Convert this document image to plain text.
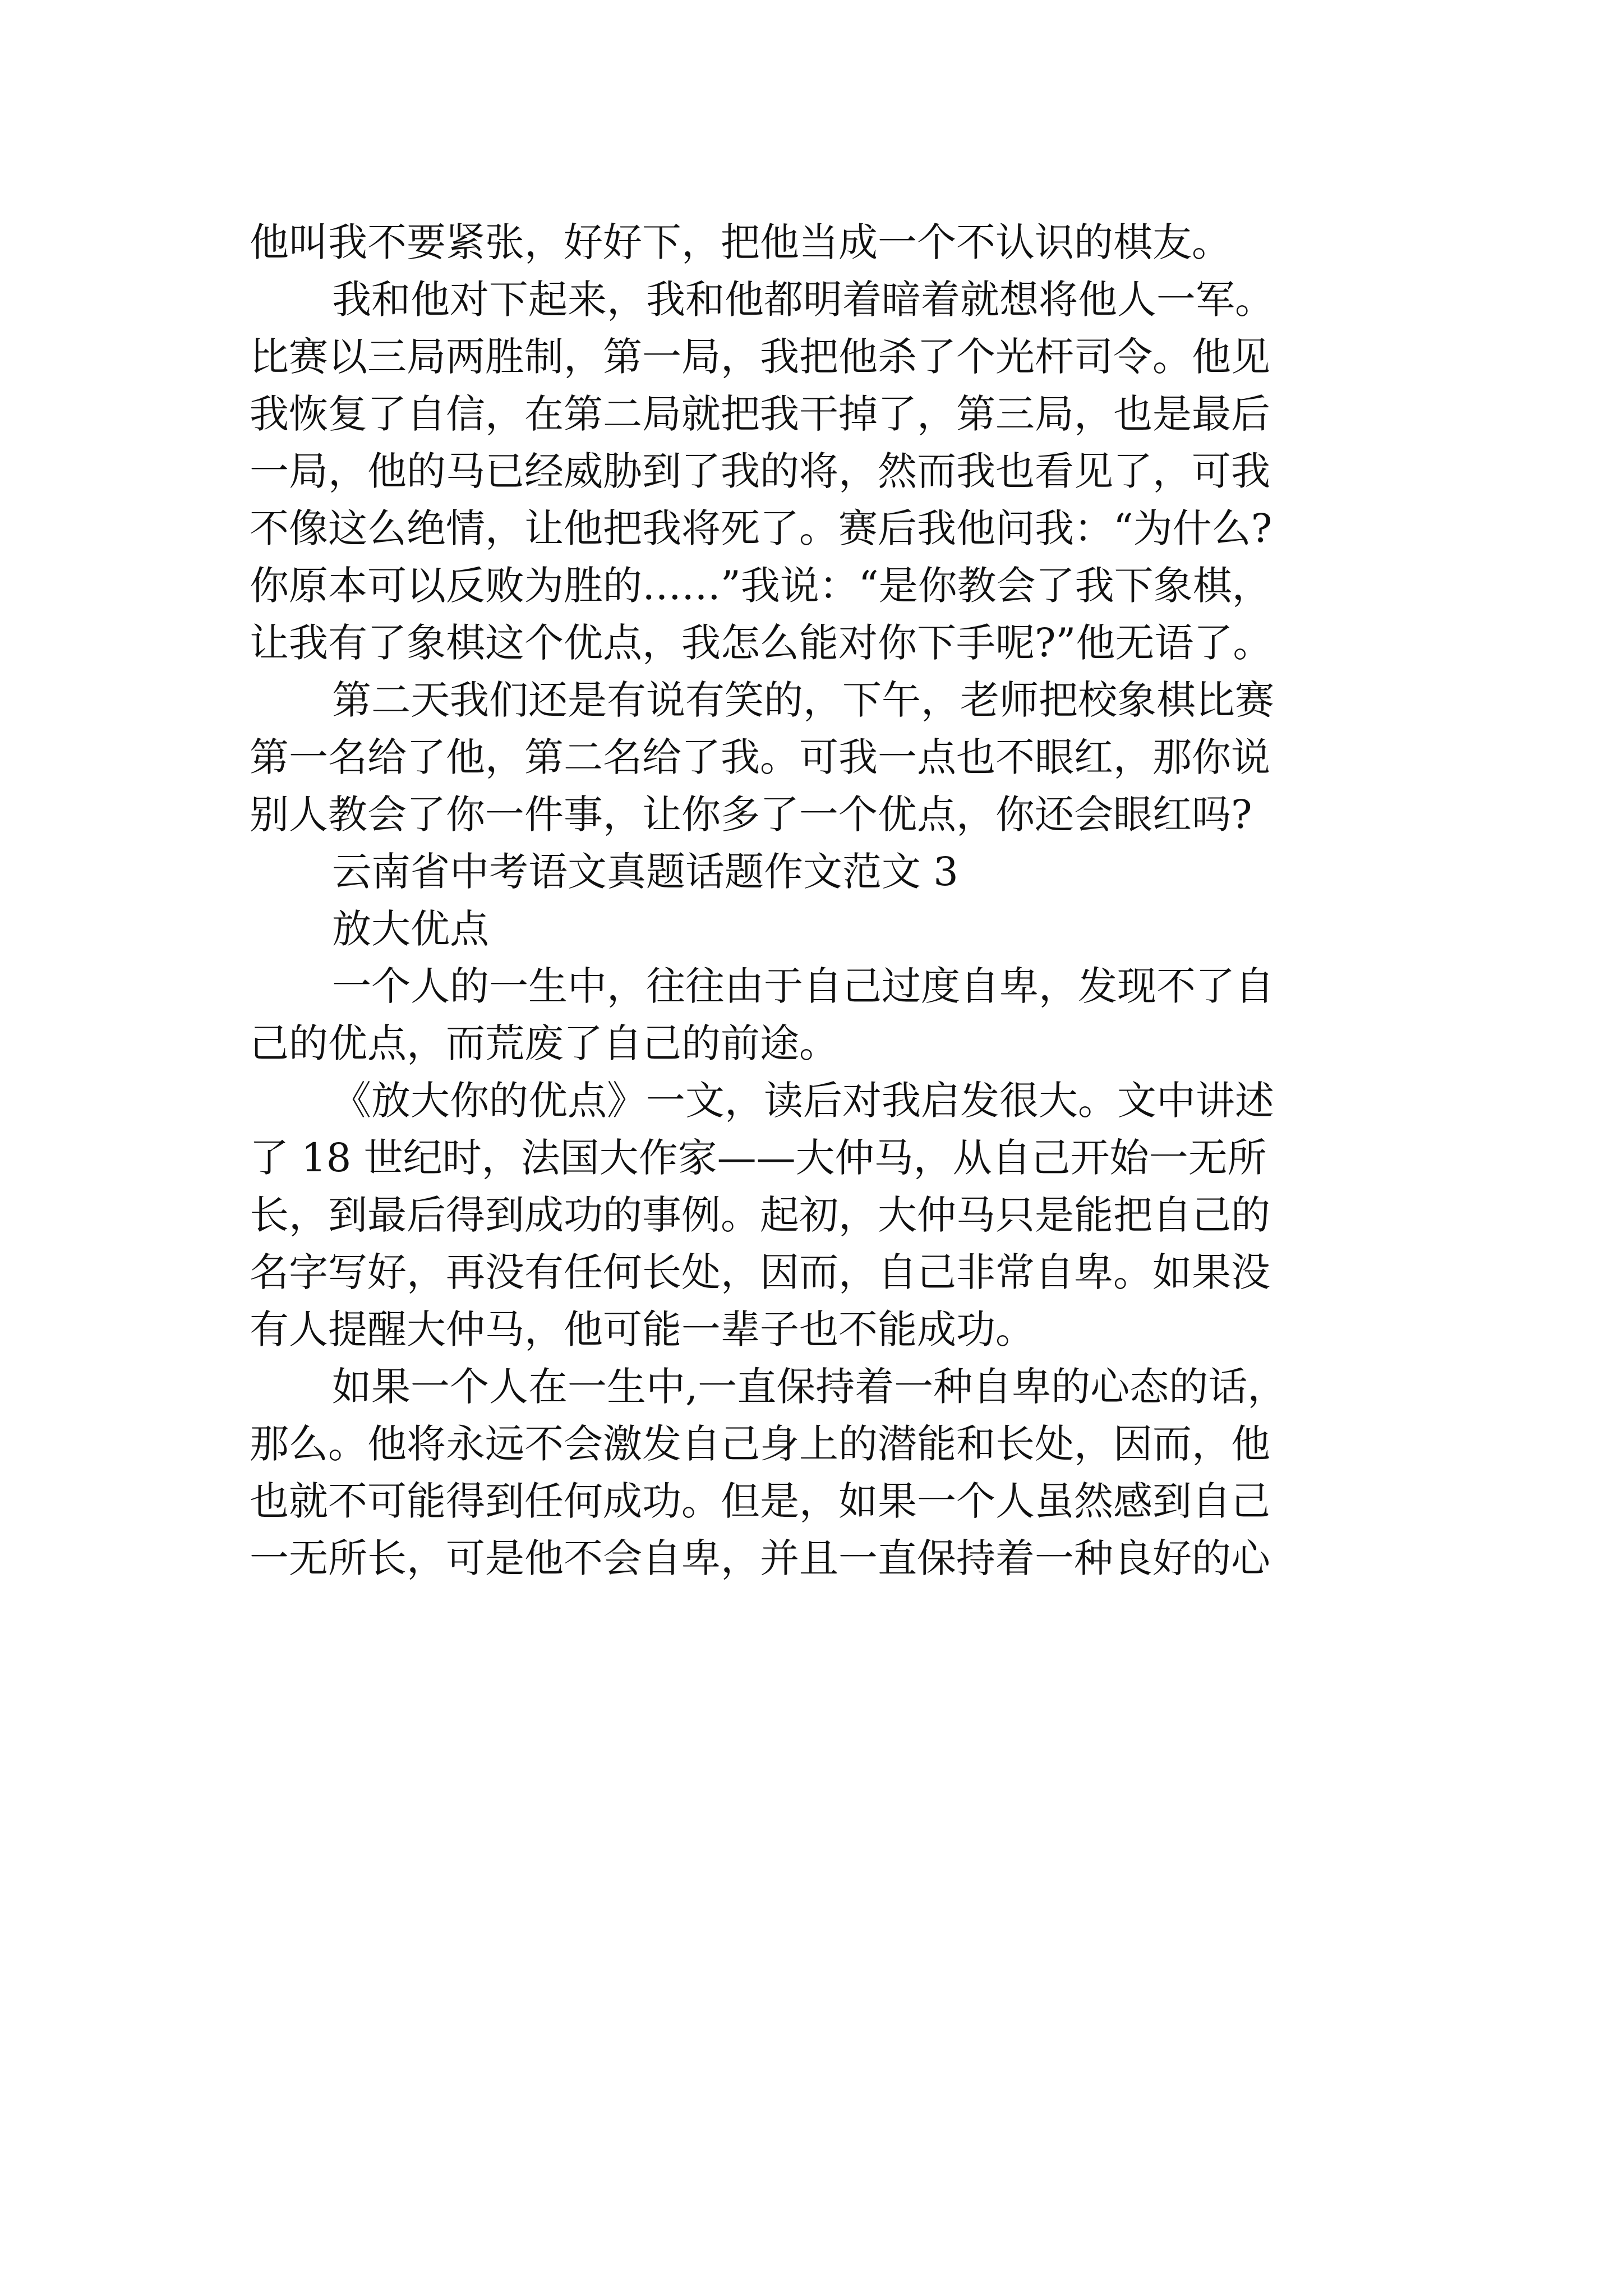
他叫我不要紧张，好好下，把他当成一个不认识的棋友。
我和他对下起来，我和他都明着暗着就想将他人一军。
比赛以三局两胜制，第一局，我把他杀了个光杆司令。他见
我恢复了自信，在第二局就把我干掉了，第三局，也是最后
一局，他的马已经威胁到了我的将，然而我也看见了，可我
不像这么绝情，让他把我将死了。赛后我他问我：“为什么?
你原本可以反败为胜的……”我说：“是你教会了我下象棋，
让我有了象棋这个优点，我怎么能对你下手呢?”他无语了。
第二天我们还是有说有笑的，下午，老师把校象棋比赛
第一名给了他，第二名给了我。可我一点也不眼红，那你说
别人教会了你一件事，让你多了一个优点，你还会眼红吗?
云南省中考语文真题话题作文范文 3
放大优点
一个人的一生中，往往由于自己过度自卑，发现不了自
己的优点，而荒废了自己的前途。
《放大你的优点》一文，读后对我启发很大。文中讲述
了 18 世纪时，法国大作家——大仲马，从自己开始一无所
长，到最后得到成功的事例。起初，大仲马只是能把自己的
名字写好，再没有任何长处，因而，自己非常自卑。如果没
有人提醒大仲马，他可能一辈子也不能成功。
如果一个人在一生中,一直保持着一种自卑的心态的话，
那么。他将永远不会激发自己身上的潜能和长处，因而，他
也就不可能得到任何成功。但是，如果一个人虽然感到自己
一无所长，可是他不会自卑，并且一直保持着一种良好的心
